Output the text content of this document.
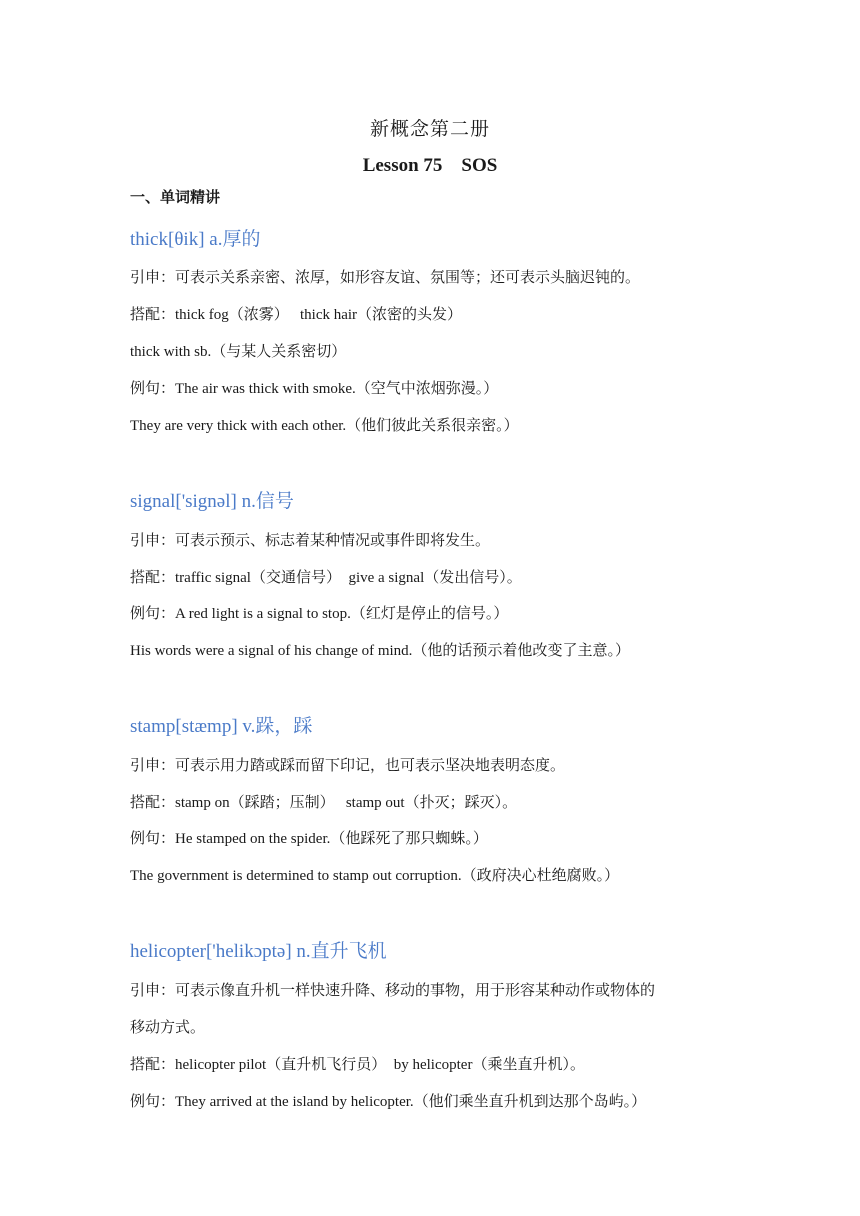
新概念第二册
Lesson 75　SOS
一、单词精讲
thick[θik] a.厚的
引申：可表示关系亲密、浓厚，如形容友谊、氛围等；还可表示头脑迟钝的。
搭配：thick fog（浓雾）　 thick hair（浓密的头发）
thick with sb.（与某人关系密切）
例句：The air was thick with smoke.（空气中浓烟弥漫。）
They are very thick with each other.（他们彼此关系很亲密。）
signal['signəl] n.信号
引申：可表示预示、标志着某种情况或事件即将发生。
搭配：traffic signal（交通信号）　give a signal（发出信号）。
例句：A red light is a signal to stop.（红灯是停止的信号。）
His words were a signal of his change of mind.（他的话预示着他改变了主意。）
stamp[stæmp] v.跺，踩
引申：可表示用力踏或踩而留下印记，也可表示坚决地表明态度。
搭配：stamp on（踩踏；压制）　 stamp out（扑灭；踩灭）。
例句：He stamped on the spider.（他踩死了那只蜘蛛。）
The government is determined to stamp out corruption.（政府决心杜绝腐败。）
helicopter['helikɔptə] n.直升飞机
引申：可表示像直升机一样快速升降、移动的事物，用于形容某种动作或物体的
移动方式。
搭配：helicopter pilot（直升机飞行员）　by helicopter（乘坐直升机）。
例句：They arrived at the island by helicopter.（他们乘坐直升机到达那个岛屿。）
